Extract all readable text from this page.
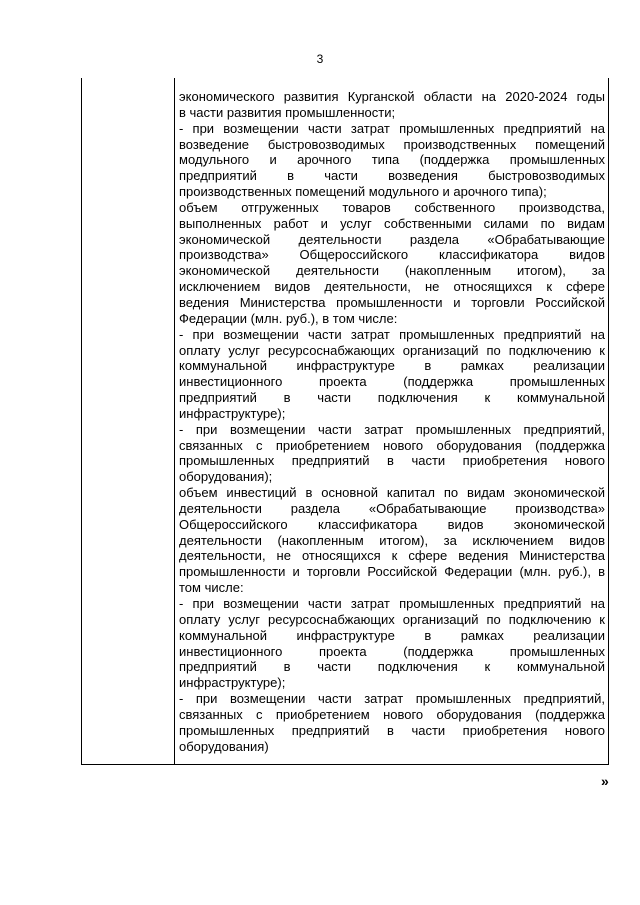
3
экономического развития Курганской области на 2020-2024 годы
в части развития промышленности;
- при возмещении части затрат промышленных предприятий на
возведение быстровозводимых производственных помещений
модульного и арочного типа (поддержка промышленных
предприятий в части возведения быстровозводимых
производственных помещений модульного и арочного типа);
объем отгруженных товаров собственного производства,
выполненных работ и услуг собственными силами по видам
экономической деятельности раздела «Обрабатывающие
производства» Общероссийского классификатора видов
экономической деятельности (накопленным итогом), за
исключением видов деятельности, не относящихся к сфере
ведения Министерства промышленности и торговли Российской
Федерации (млн. руб.), в том числе:
- при возмещении части затрат промышленных предприятий на
оплату услуг ресурсоснабжающих организаций по подключению к
коммунальной инфраструктуре в рамках реализации
инвестиционного проекта (поддержка промышленных
предприятий в части подключения к коммунальной
инфраструктуре);
- при возмещении части затрат промышленных предприятий,
связанных с приобретением нового оборудования (поддержка
промышленных предприятий в части приобретения нового
оборудования);
объем инвестиций в основной капитал по видам экономической
деятельности раздела «Обрабатывающие производства»
Общероссийского классификатора видов экономической
деятельности (накопленным итогом), за исключением видов
деятельности, не относящихся к сфере ведения Министерства
промышленности и торговли Российской Федерации (млн. руб.), в
том числе:
- при возмещении части затрат промышленных предприятий на
оплату услуг ресурсоснабжающих организаций по подключению к
коммунальной инфраструктуре в рамках реализации
инвестиционного проекта (поддержка промышленных
предприятий в части подключения к коммунальной
инфраструктуре);
- при возмещении части затрат промышленных предприятий,
связанных с приобретением нового оборудования (поддержка
промышленных предприятий в части приобретения нового
оборудования)
»
